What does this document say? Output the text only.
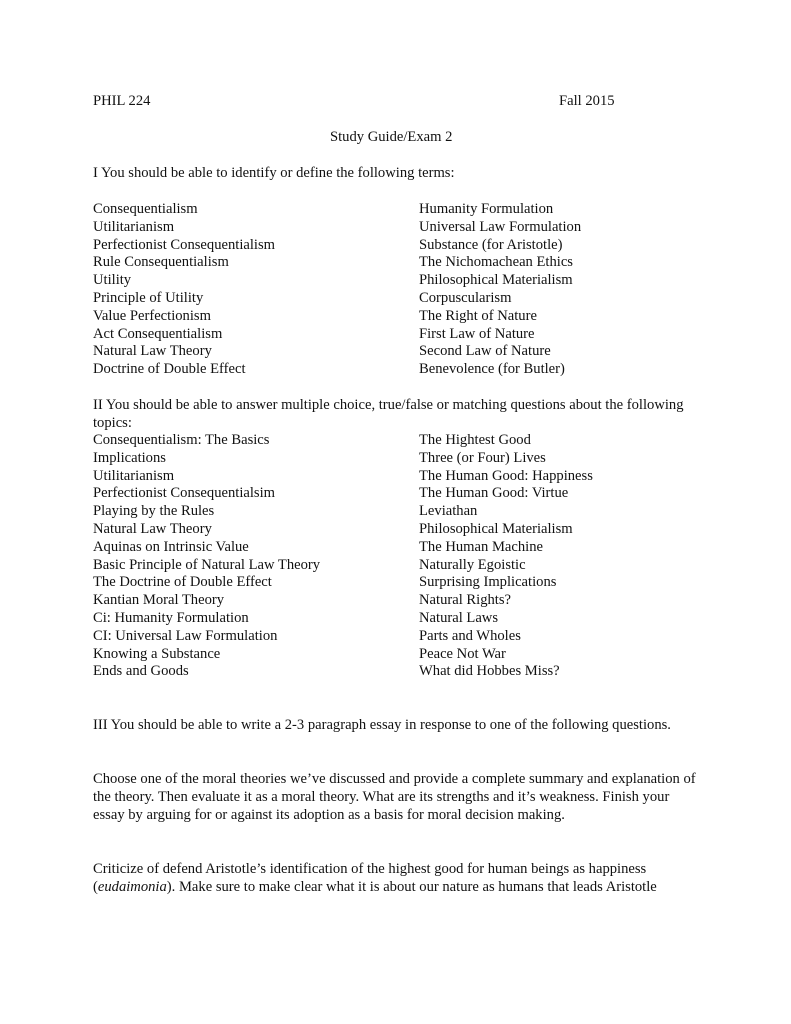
PHIL 224	Fall 2015
Study Guide/Exam 2
I You should be able to identify or define the following terms:
Consequentialism
Utilitarianism
Perfectionist Consequentialism
Rule Consequentialism
Utility
Principle of Utility
Value Perfectionism
Act Consequentialism
Natural Law Theory
Doctrine of Double Effect
Humanity Formulation
Universal Law Formulation
Substance (for Aristotle)
The Nichomachean Ethics
Philosophical Materialism
Corpuscularism
The Right of Nature
First Law of Nature
Second Law of Nature
Benevolence (for Butler)
II You should be able to answer multiple choice, true/false or matching questions about the following topics:
Consequentialism: The Basics
Implications
Utilitarianism
Perfectionist Consequentialsim
Playing by the Rules
Natural Law Theory
Aquinas on Intrinsic Value
Basic Principle of Natural Law Theory
The Doctrine of Double Effect
Kantian Moral Theory
Ci: Humanity Formulation
CI: Universal Law Formulation
Knowing a Substance
Ends and Goods
The Hightest Good
Three (or Four) Lives
The Human Good: Happiness
The Human Good: Virtue
Leviathan
Philosophical Materialism
The Human Machine
Naturally Egoistic
Surprising Implications
Natural Rights?
Natural Laws
Parts and Wholes
Peace Not War
What did Hobbes Miss?
III You should be able to write a 2-3 paragraph essay in response to one of the following questions.
Choose one of the moral theories we’ve discussed and provide a complete summary and explanation of the theory. Then evaluate it as a moral theory. What are its strengths and it’s weakness. Finish your essay by arguing for or against its adoption as a basis for moral decision making.
Criticize of defend Aristotle’s identification of the highest good for human beings as happiness (eudaimonia). Make sure to make clear what it is about our nature as humans that leads Aristotle
